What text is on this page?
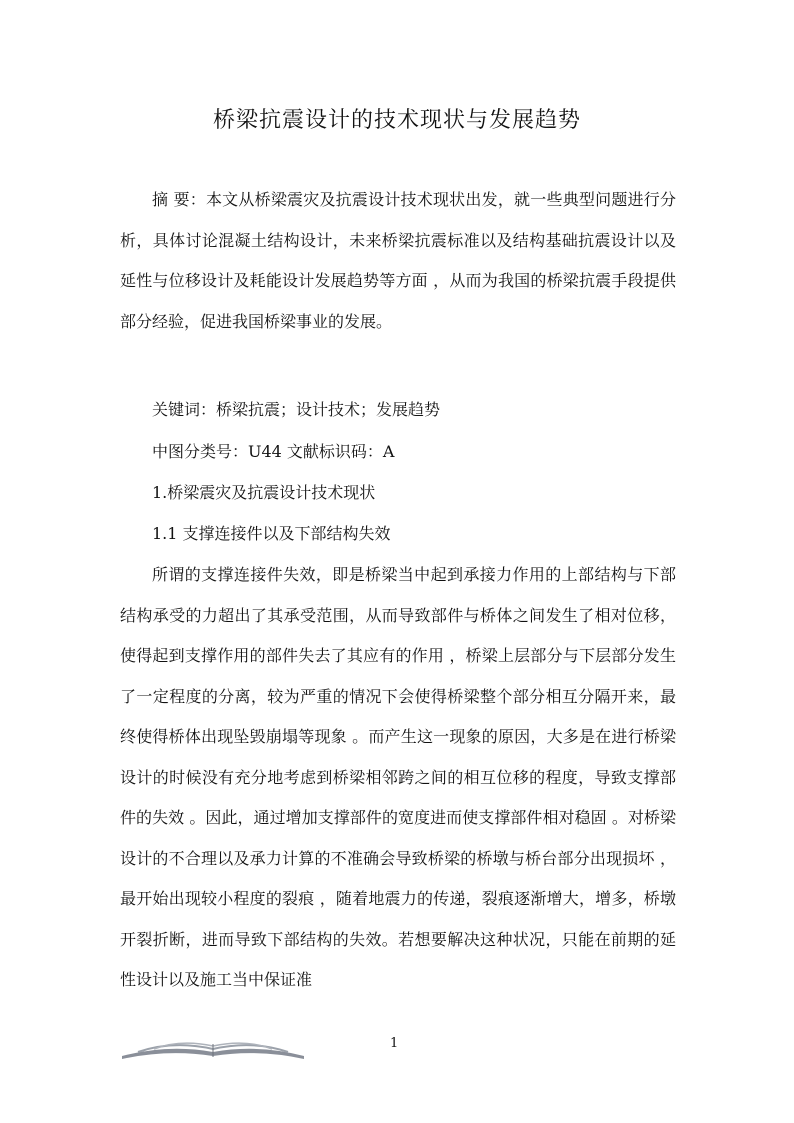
桥梁抗震设计的技术现状与发展趋势

摘 要：本文从桥梁震灾及抗震设计技术现状出发，就一些典型问题进行分析，具体讨论混凝土结构设计，未来桥梁抗震标准以及结构基础抗震设计以及延性与位移设计及耗能设计发展趋势等方面 ，从而为我国的桥梁抗震手段提供部分经验，促进我国桥梁事业的发展。

关键词：桥梁抗震；设计技术；发展趋势
中图分类号：U44 文献标识码：A
1.桥梁震灾及抗震设计技术现状
1.1 支撑连接件以及下部结构失效

所谓的支撑连接件失效，即是桥梁当中起到承接力作用的上部结构与下部结构承受的力超出了其承受范围，从而导致部件与桥体之间发生了相对位移，使得起到支撑作用的部件失去了其应有的作用 ，桥梁上层部分与下层部分发生了一定程度的分离，较为严重的情况下会使得桥梁整个部分相互分隔开来，最终使得桥体出现坠毁崩塌等现象 。而产生这一现象的原因，大多是在进行桥梁设计的时候没有充分地考虑到桥梁相邻跨之间的相互位移的程度，导致支撑部件的失效 。因此，通过增加支撑部件的宽度进而使支撑部件相对稳固 。对桥梁设计的不合理以及承力计算的不准确会导致桥梁的桥墩与桥台部分出现损坏 ，最开始出现较小程度的裂痕 ，随着地震力的传递，裂痕逐渐增大，增多，桥墩开裂折断，进而导致下部结构的失效。若想要解决这种状况，只能在前期的延性设计以及施工当中保证准

1
